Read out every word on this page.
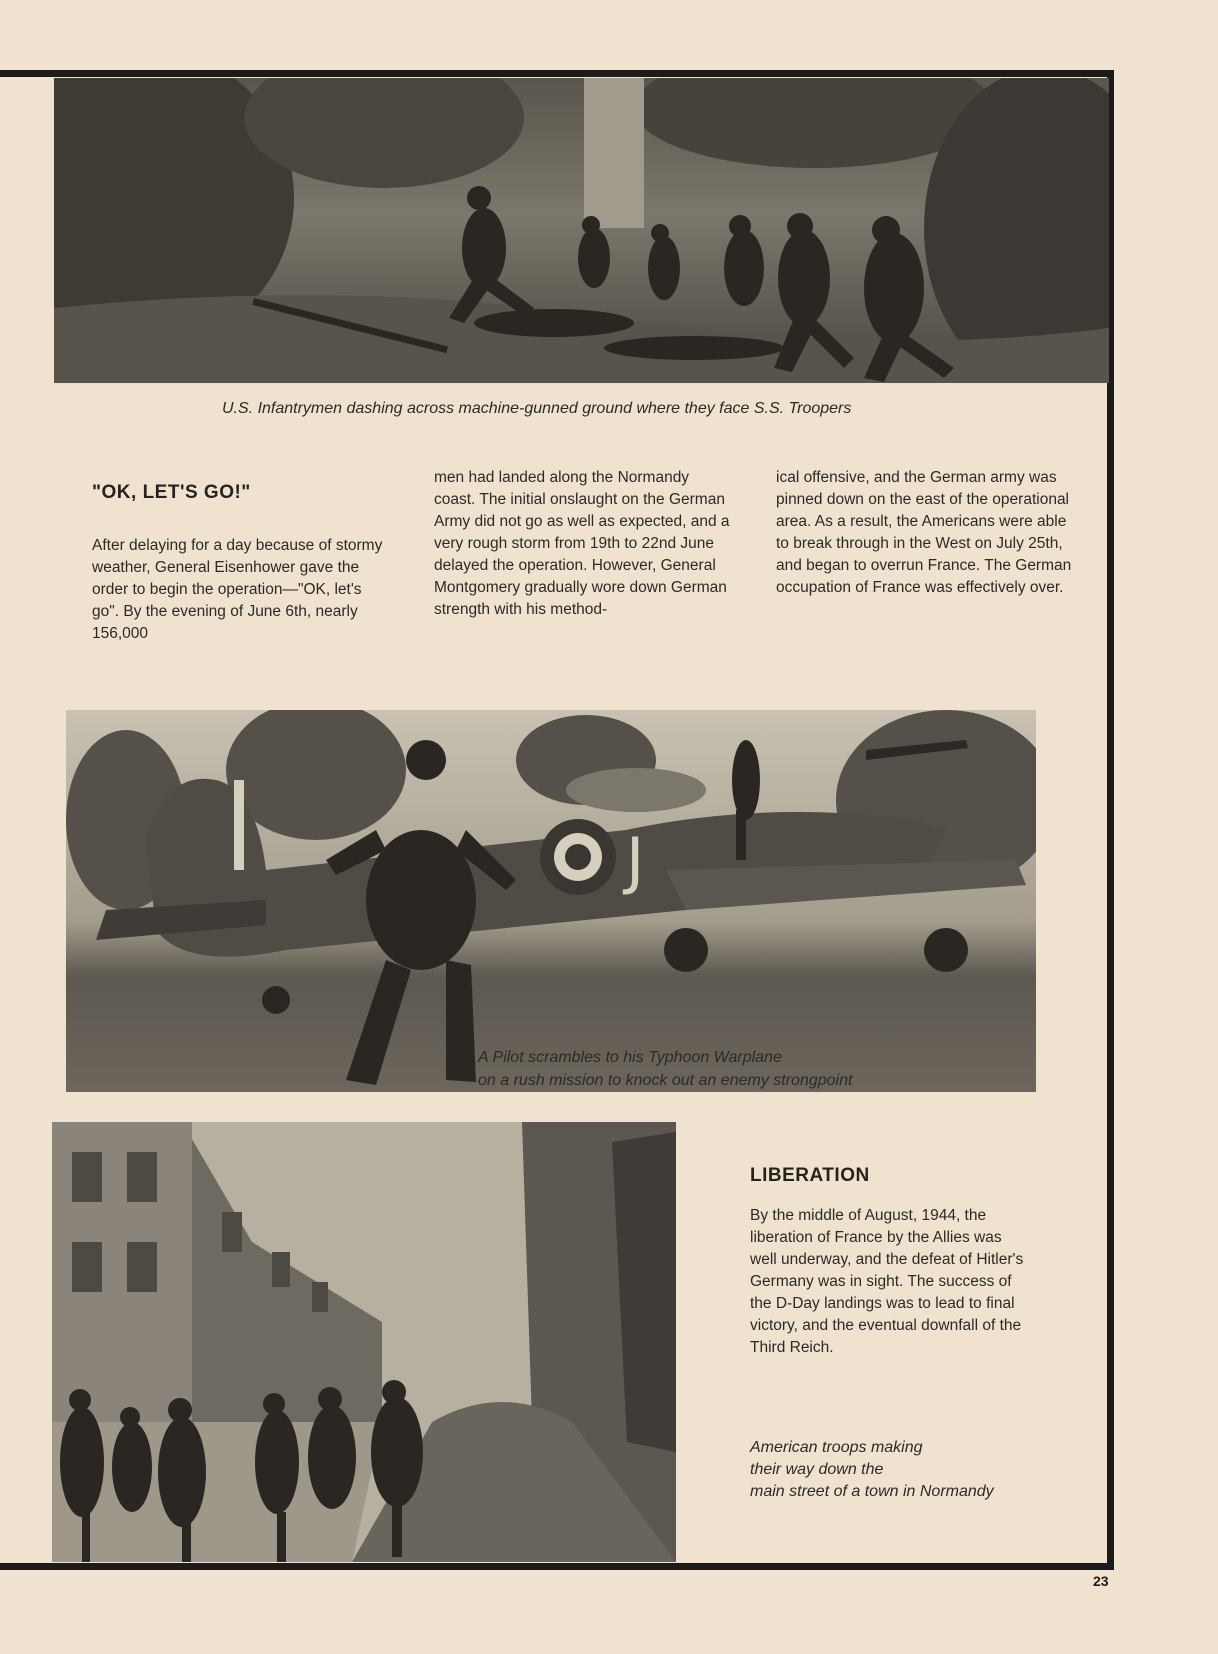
U.S. Infantrymen dashing across machine-gunned ground where they face S.S. Troopers

"OK, LET'S GO!"

After delaying for a day because of stormy weather, General Eisenhower gave the order to begin the operation—"OK, let's go". By the evening of June 6th, nearly 156,000

men had landed along the Normandy coast. The initial onslaught on the German Army did not go as well as expected, and a very rough storm from 19th to 22nd June delayed the operation. However, General Montgomery gradually wore down German strength with his method-

ical offensive, and the German army was pinned down on the east of the operational area. As a result, the Americans were able to break through in the West on July 25th, and began to overrun France. The German occupation of France was effectively over.

J

A Pilot scrambles to his Typhoon Warplane

on a rush mission to knock out an enemy strongpoint

LIBERATION

By the middle of August, 1944, the liberation of France by the Allies was well underway, and the defeat of Hitler's Germany was in sight. The success of the D-Day landings was to lead to final victory, and the eventual downfall of the Third Reich.

American troops making

their way down the

main street of a town in Normandy

23
